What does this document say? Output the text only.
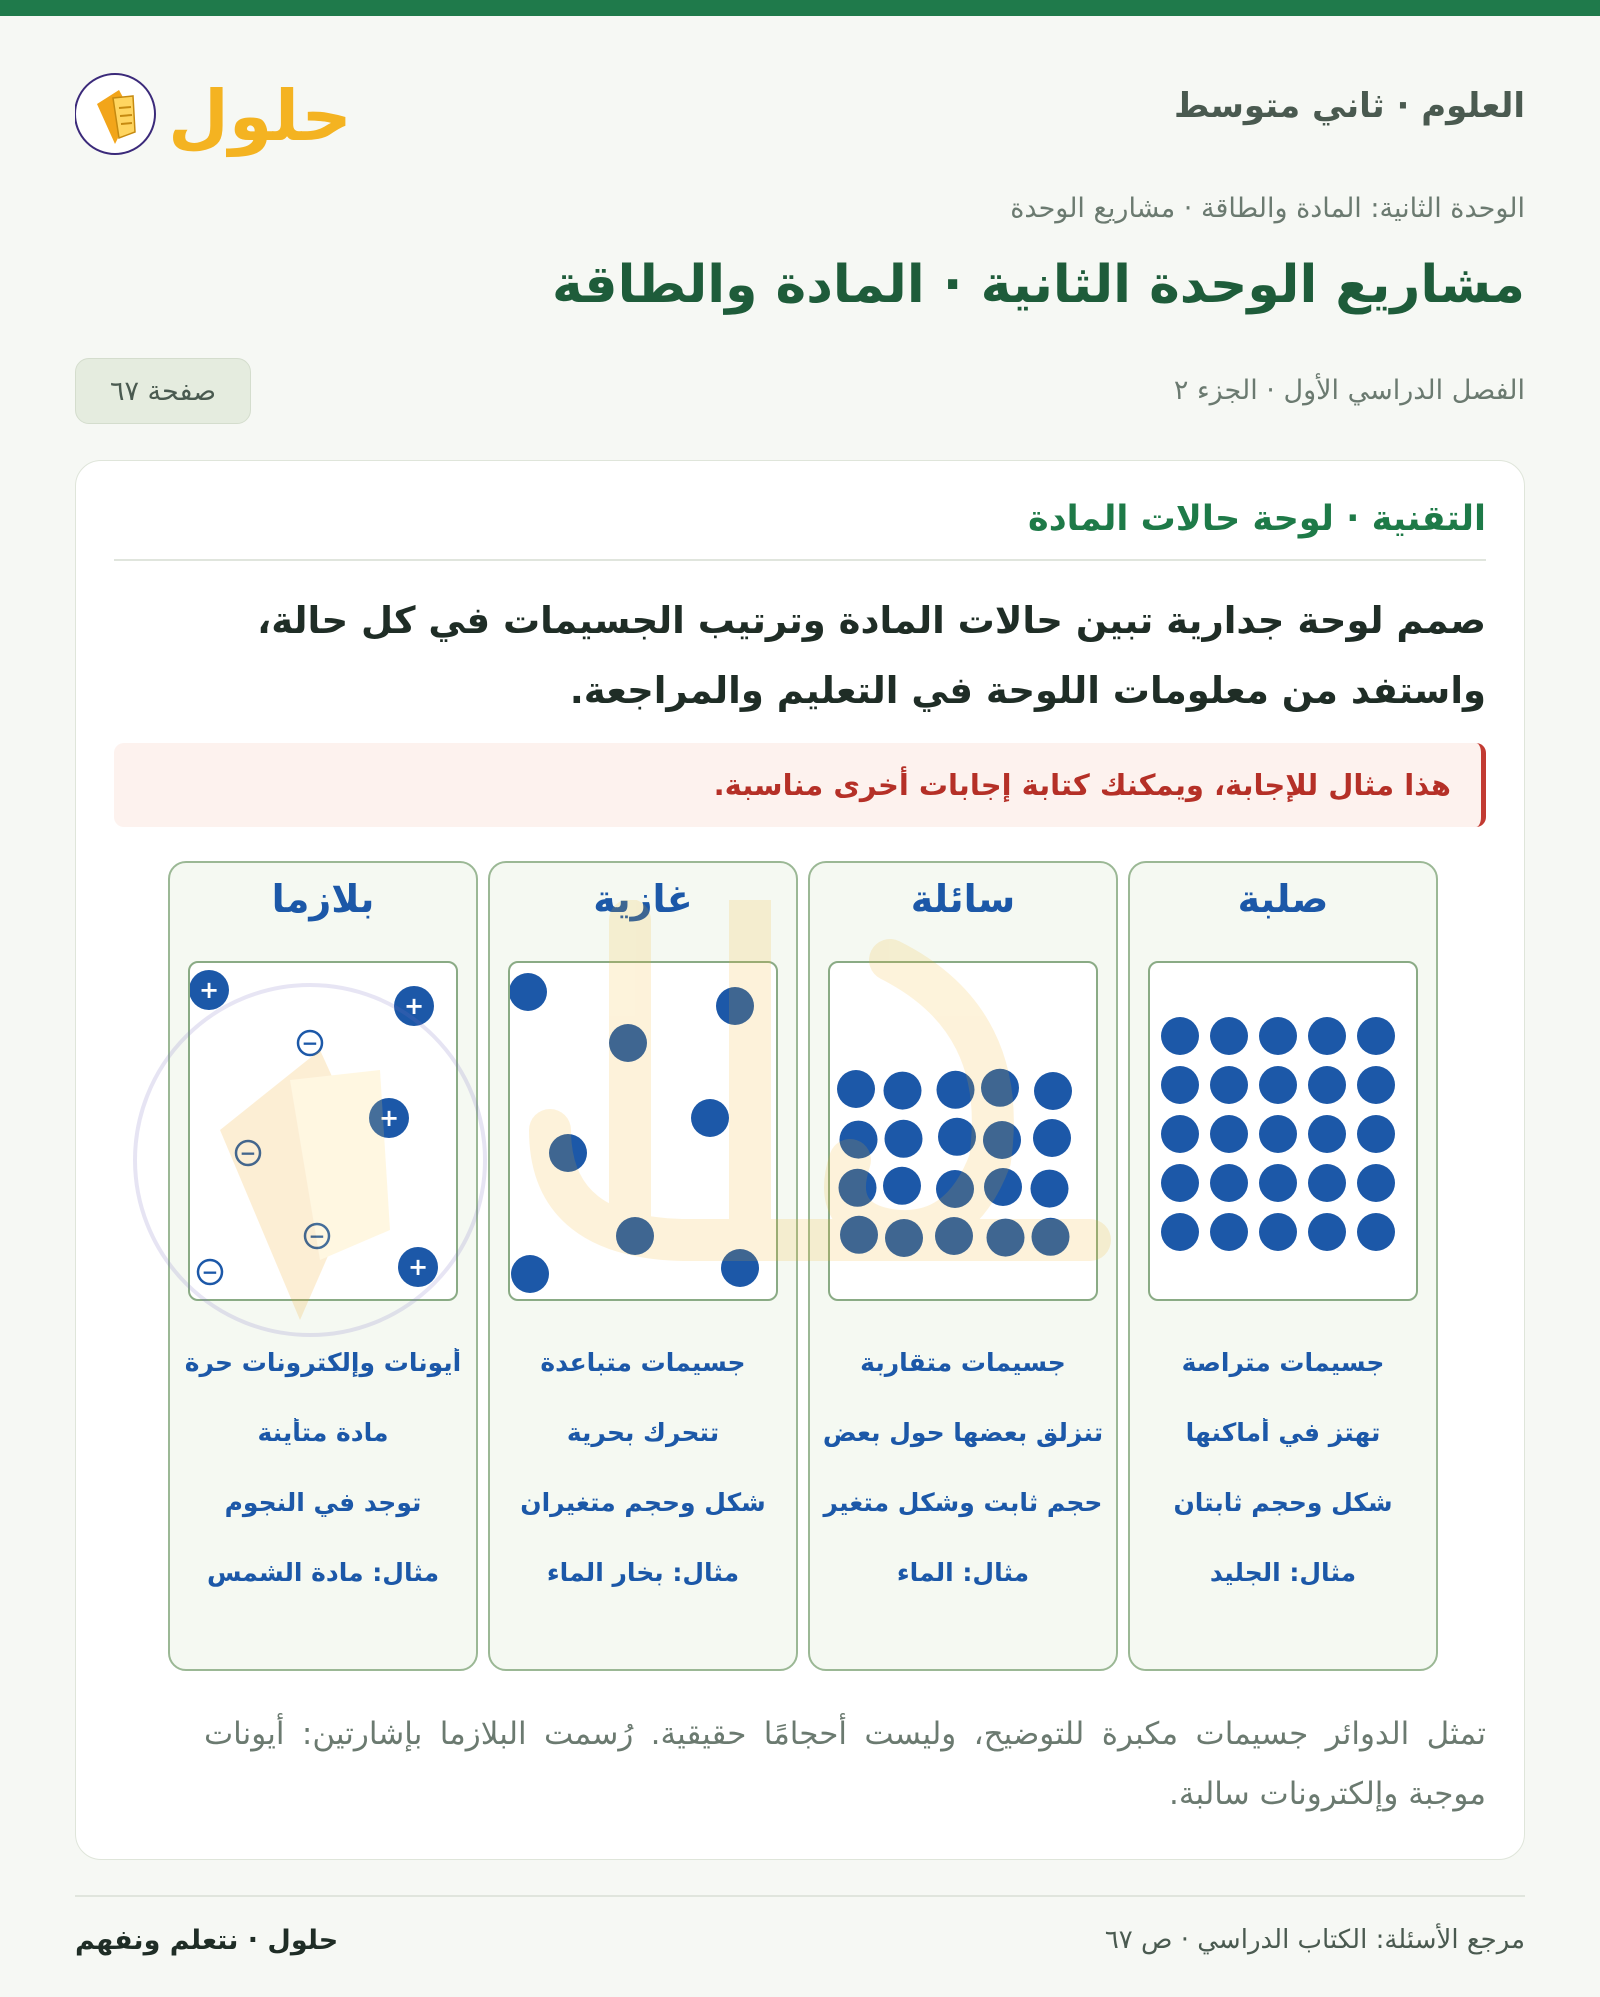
العلوم · ثاني متوسط
حلول
الوحدة الثانية: المادة والطاقة · مشاريع الوحدة
مشاريع الوحدة الثانية · المادة والطاقة
الفصل الدراسي الأول · الجزء ٢
صفحة ٦٧
التقنية · لوحة حالات المادة
صمم لوحة جدارية تبين حالات المادة وترتيب الجسيمات في كل حالة، واستفد من معلومات اللوحة في التعليم والمراجعة.
هذا مثال للإجابة، ويمكنك كتابة إجابات أخرى مناسبة.
صلبة
جسيمات متراصة
تهتز في أماكنها
شكل وحجم ثابتان
مثال: الجليد
سائلة
جسيمات متقاربة
تنزلق بعضها حول بعض
حجم ثابت وشكل متغير
مثال: الماء
غازية
جسيمات متباعدة
تتحرك بحرية
شكل وحجم متغيران
مثال: بخار الماء
بلازما
+
+
+
+
−
−
−
−
أيونات وإلكترونات حرة
مادة متأينة
توجد في النجوم
مثال: مادة الشمس
تمثل الدوائر جسيمات مكبرة للتوضيح، وليست أحجامًا حقيقية. رُسمت البلازما بإشارتين: أيونات موجبة وإلكترونات سالبة.
مرجع الأسئلة: الكتاب الدراسي · ص ٦٧
حلول · نتعلم ونفهم
